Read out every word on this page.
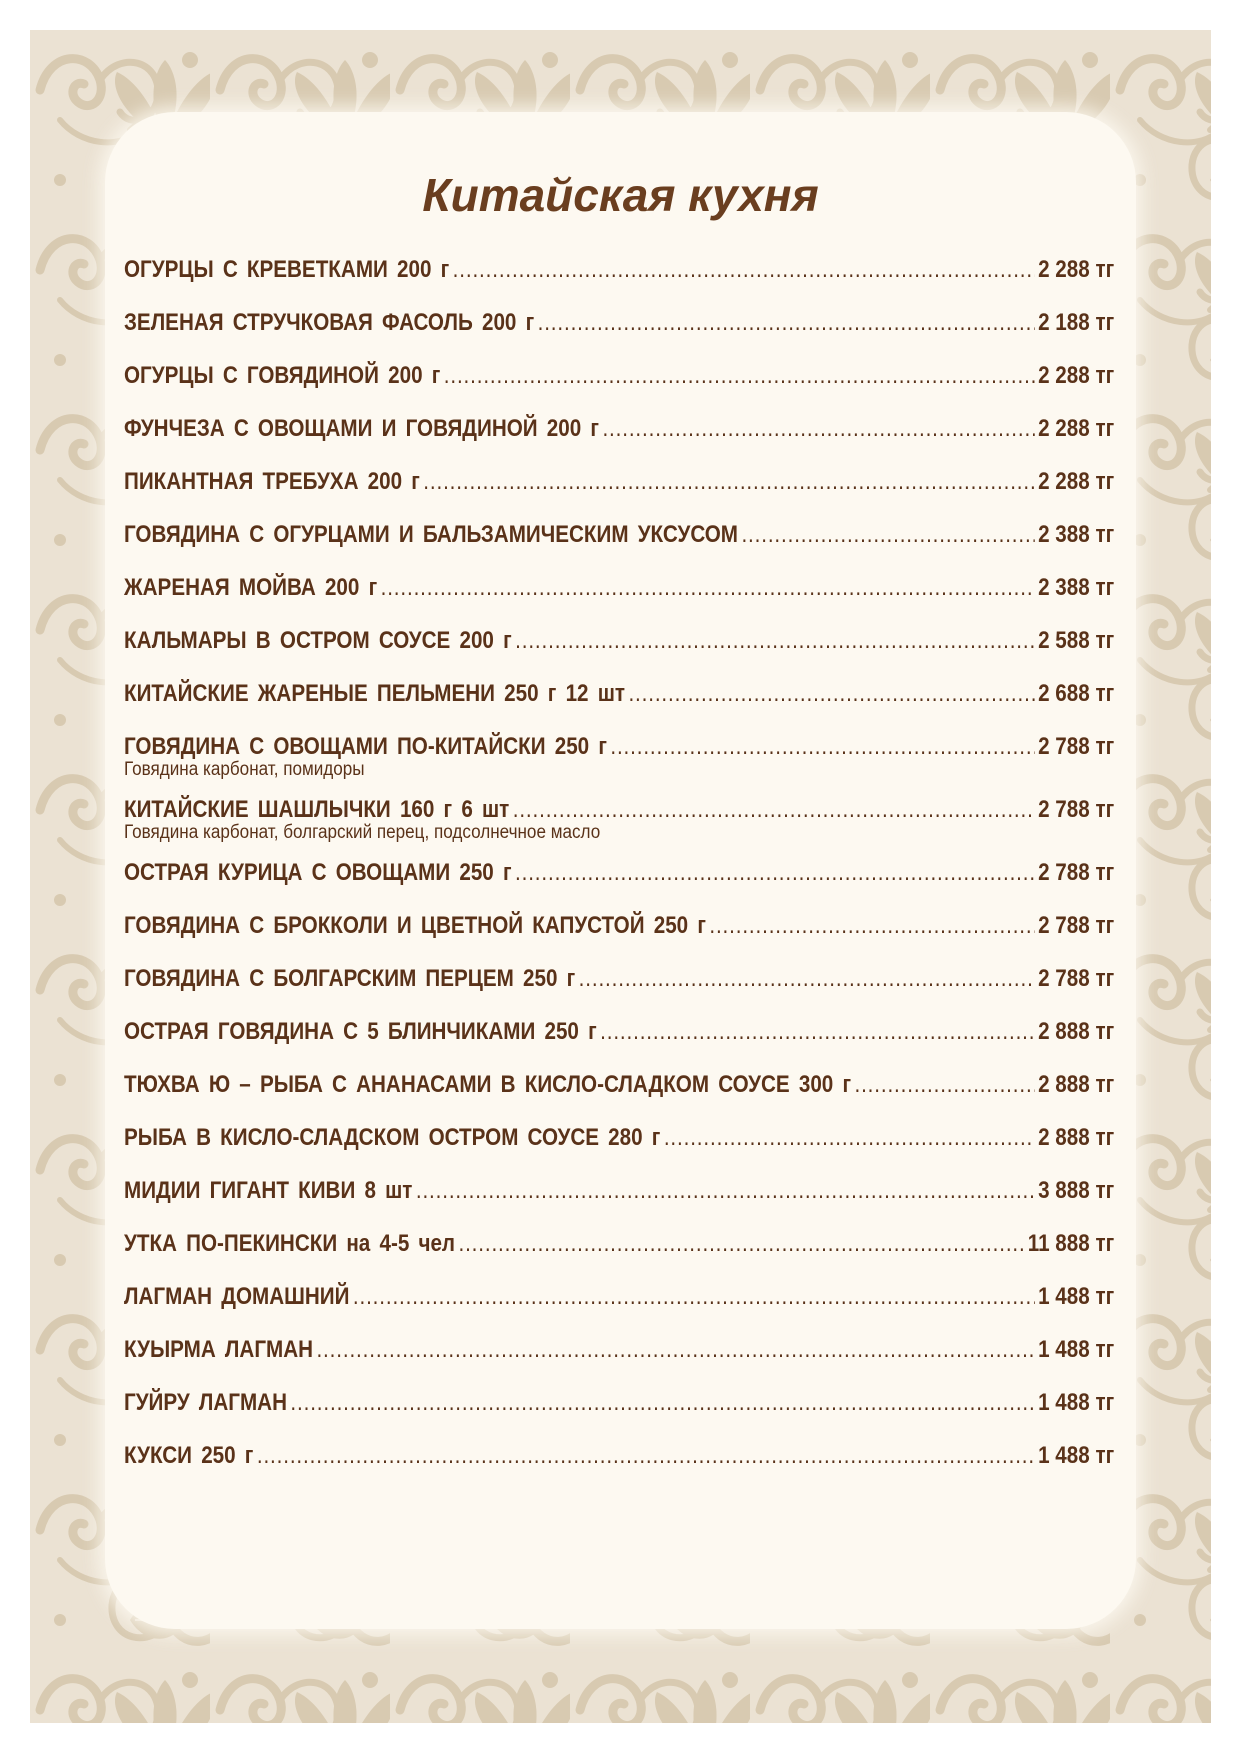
Китайская кухня
ОГУРЦЫ С КРЕВЕТКАМИ 200 г .....	2 288 тг
ЗЕЛЕНАЯ СТРУЧКОВАЯ ФАСОЛЬ 200 г .....	2 188 тг
ОГУРЦЫ С ГОВЯДИНОЙ 200 г .....	2 288 тг
ФУНЧЕЗА С ОВОЩАМИ И ГОВЯДИНОЙ 200 г .....	2 288 тг
ПИКАНТНАЯ ТРЕБУХА 200 г .....	2 288 тг
ГОВЯДИНА С ОГУРЦАМИ И БАЛЬЗАМИЧЕСКИМ УКСУСОМ .....	2 388 тг
ЖАРЕНАЯ МОЙВА 200 г .....	2 388 тг
КАЛЬМАРЫ В ОСТРОМ СОУСЕ 200 г .....	2 588 тг
КИТАЙСКИЕ ЖАРЕНЫЕ ПЕЛЬМЕНИ 250 г 12 шт .....	2 688 тг
ГОВЯДИНА С ОВОЩАМИ ПО-КИТАЙСКИ 250 г .....	2 788 тг
Говядина карбонат, помидоры
КИТАЙСКИЕ ШАШЛЫЧКИ 160 г 6 шт .....	2 788 тг
Говядина карбонат, болгарский перец, подсолнечное масло
ОСТРАЯ КУРИЦА С ОВОЩАМИ 250 г .....	2 788 тг
ГОВЯДИНА С БРОККОЛИ И ЦВЕТНОЙ КАПУСТОЙ 250 г .....	2 788 тг
ГОВЯДИНА С БОЛГАРСКИМ ПЕРЦЕМ 250 г .....	2 788 тг
ОСТРАЯ ГОВЯДИНА С 5 БЛИНЧИКАМИ 250 г .....	2 888 тг
ТЮХВА Ю – РЫБА С АНАНАСАМИ В КИСЛО-СЛАДКОМ СОУСЕ 300 г .....	2 888 тг
РЫБА В КИСЛО-СЛАДСКОМ ОСТРОМ СОУСЕ 280 г .....	2 888 тг
МИДИИ ГИГАНТ КИВИ 8 шт .....	3 888 тг
УТКА ПО-ПЕКИНСКИ на 4-5 чел .....	11 888 тг
ЛАГМАН ДОМАШНИЙ .....	1 488 тг
КУЫРМА ЛАГМАН .....	1 488 тг
ГУЙРУ ЛАГМАН .....	1 488 тг
КУКСИ 250 г .....	1 488 тг
